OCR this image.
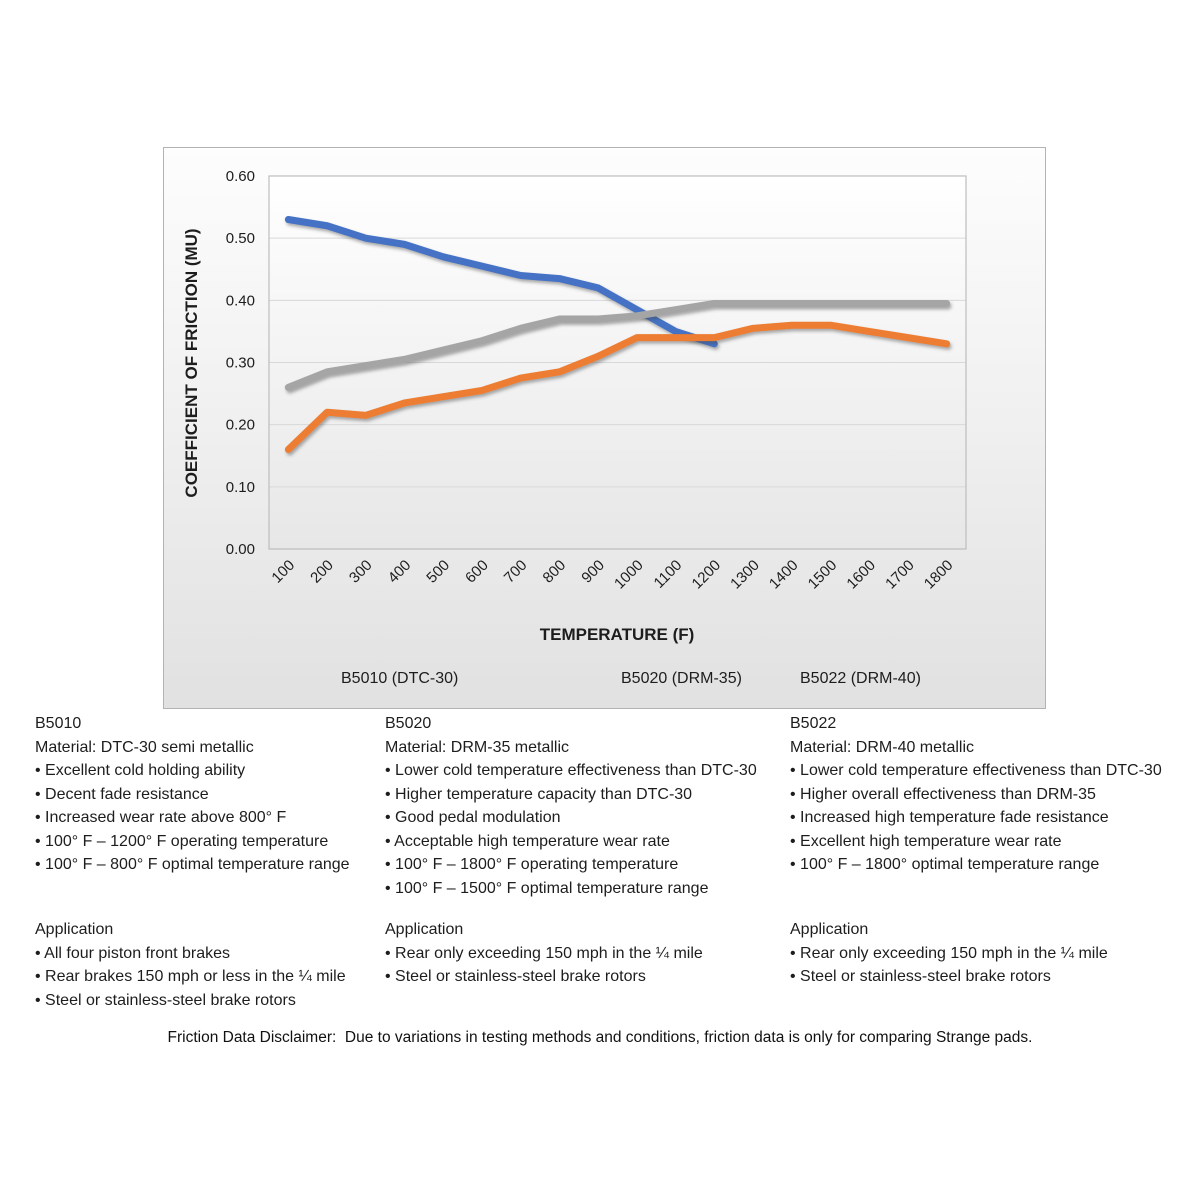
0.00
0.10
0.20
0.30
0.40
0.50
0.60
100 200 300 400 500 600 700 800 900 1000 1100 1200 1300 1400 1500 1600 1700 1800
COEFFICIENT OF FRICTION (MU)
TEMPERATURE (F)
B5010 (DTC-30)	B5020 (DRM-35)	B5022 (DRM-40)
B5010
Material: DTC-30 semi metallic
• Excellent cold holding ability
• Decent fade resistance
• Increased wear rate above 800° F
• 100° F – 1200° F operating temperature
• 100° F – 800° F optimal temperature range
Application
• All four piston front brakes
• Rear brakes 150 mph or less in the ¼ mile
• Steel or stainless-steel brake rotors
B5020
Material: DRM-35 metallic
• Lower cold temperature effectiveness than DTC-30
• Higher temperature capacity than DTC-30
• Good pedal modulation
• Acceptable high temperature wear rate
• 100° F – 1800° F operating temperature
• 100° F – 1500° F optimal temperature range
Application
• Rear only exceeding 150 mph in the ¼ mile
• Steel or stainless-steel brake rotors
B5022
Material: DRM-40 metallic
• Lower cold temperature effectiveness than DTC-30
• Higher overall effectiveness than DRM-35
• Increased high temperature fade resistance
• Excellent high temperature wear rate
• 100° F – 1800° optimal temperature range
Application
• Rear only exceeding 150 mph in the ¼ mile
• Steel or stainless-steel brake rotors
Friction Data Disclaimer:  Due to variations in testing methods and conditions, friction data is only for comparing Strange pads.
